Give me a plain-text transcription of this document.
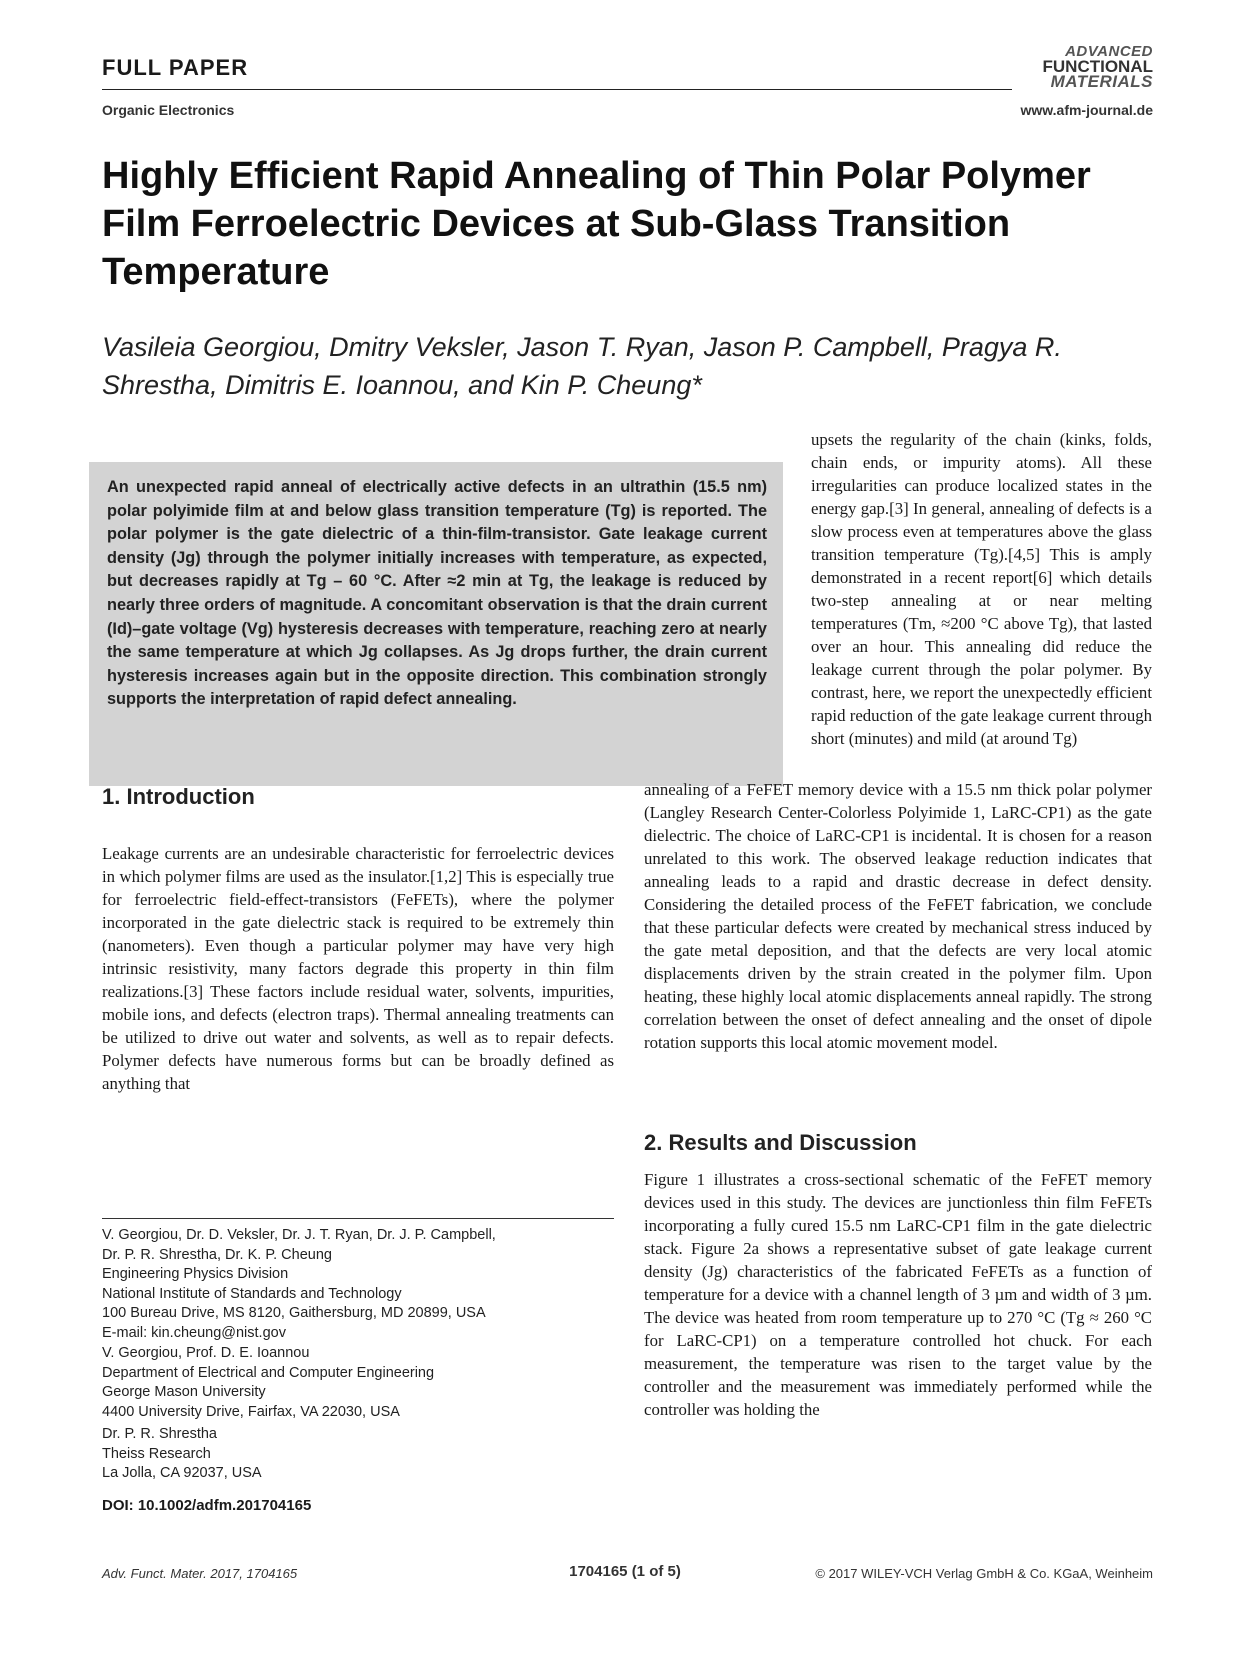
FULL PAPER
ADVANCED
FUNCTIONAL
MATERIALS
Organic Electronics	www.afm-journal.de
Highly Efficient Rapid Annealing of Thin Polar Polymer Film Ferroelectric Devices at Sub-Glass Transition Temperature
Vasileia Georgiou, Dmitry Veksler, Jason T. Ryan, Jason P. Campbell, Pragya R. Shrestha, Dimitris E. Ioannou, and Kin P. Cheung*
An unexpected rapid anneal of electrically active defects in an ultrathin (15.5 nm) polar polyimide film at and below glass transition temperature (Tg) is reported. The polar polymer is the gate dielectric of a thin-film-transistor. Gate leakage current density (Jg) through the polymer initially increases with temperature, as expected, but decreases rapidly at Tg – 60 °C. After ≈2 min at Tg, the leakage is reduced by nearly three orders of magnitude. A concomitant observation is that the drain current (Id)–gate voltage (Vg) hysteresis decreases with temperature, reaching zero at nearly the same temperature at which Jg collapses. As Jg drops further, the drain current hysteresis increases again but in the opposite direction. This combination strongly supports the interpretation of rapid defect annealing.
upsets the regularity of the chain (kinks, folds, chain ends, or impurity atoms). All these irregularities can produce localized states in the energy gap.[3] In general, annealing of defects is a slow process even at temperatures above the glass transition temperature (Tg).[4,5] This is amply demonstrated in a recent report[6] which details two-step annealing at or near melting temperatures (Tm, ≈200 °C above Tg), that lasted over an hour. This annealing did reduce the leakage current through the polar polymer. By contrast, here, we report the unexpectedly efficient rapid reduction of the gate leakage current through short (minutes) and mild (at around Tg)
1. Introduction	annealing of a FeFET memory device with a 15.5 nm thick polar polymer (Langley Research Center-Colorless Polyimide 1, LaRC-CP1) as the gate dielectric. The choice of LaRC-CP1 is incidental. It is chosen for a reason unrelated to this work. The observed leakage reduction indicates that annealing leads to a rapid and drastic decrease in defect density. Considering the detailed process of the FeFET fabrication, we conclude that these particular defects were created by mechanical stress induced by the gate metal deposition, and that the defects are very local atomic displacements driven by the strain created in the polymer film. Upon heating, these highly local atomic displacements anneal rapidly. The strong correlation between the onset of defect annealing and the onset of dipole rotation supports this local atomic movement model.
Leakage currents are an undesirable characteristic for ferroelectric devices in which polymer films are used as the insulator.[1,2] This is especially true for ferroelectric field-effect-transistors (FeFETs), where the polymer incorporated in the gate dielectric stack is required to be extremely thin (nanometers). Even though a particular polymer may have very high intrinsic resistivity, many factors degrade this property in thin film realizations.[3] These factors include residual water, solvents, impurities, mobile ions, and defects (electron traps). Thermal annealing treatments can be utilized to drive out water and solvents, as well as to repair defects. Polymer defects have numerous forms but can be broadly defined as anything that
2. Results and Discussion
Figure 1 illustrates a cross-sectional schematic of the FeFET memory devices used in this study. The devices are junctionless thin film FeFETs incorporating a fully cured 15.5 nm LaRC-CP1 film in the gate dielectric stack. Figure 2a shows a representative subset of gate leakage current density (Jg) characteristics of the fabricated FeFETs as a function of temperature for a device with a channel length of 3 µm and width of 3 µm. The device was heated from room temperature up to 270 °C (Tg ≈ 260 °C for LaRC-CP1) on a temperature controlled hot chuck. For each measurement, the temperature was risen to the target value by the controller and the measurement was immediately performed while the controller was holding the
V. Georgiou, Dr. D. Veksler, Dr. J. T. Ryan, Dr. J. P. Campbell,
Dr. P. R. Shrestha, Dr. K. P. Cheung
Engineering Physics Division
National Institute of Standards and Technology
100 Bureau Drive, MS 8120, Gaithersburg, MD 20899, USA
E-mail: kin.cheung@nist.gov
V. Georgiou, Prof. D. E. Ioannou
Department of Electrical and Computer Engineering
George Mason University
4400 University Drive, Fairfax, VA 22030, USA
Dr. P. R. Shrestha
Theiss Research
La Jolla, CA 92037, USA
DOI: 10.1002/adfm.201704165
Adv. Funct. Mater. 2017, 1704165	1704165 (1 of 5)	© 2017 WILEY-VCH Verlag GmbH & Co. KGaA, Weinheim
